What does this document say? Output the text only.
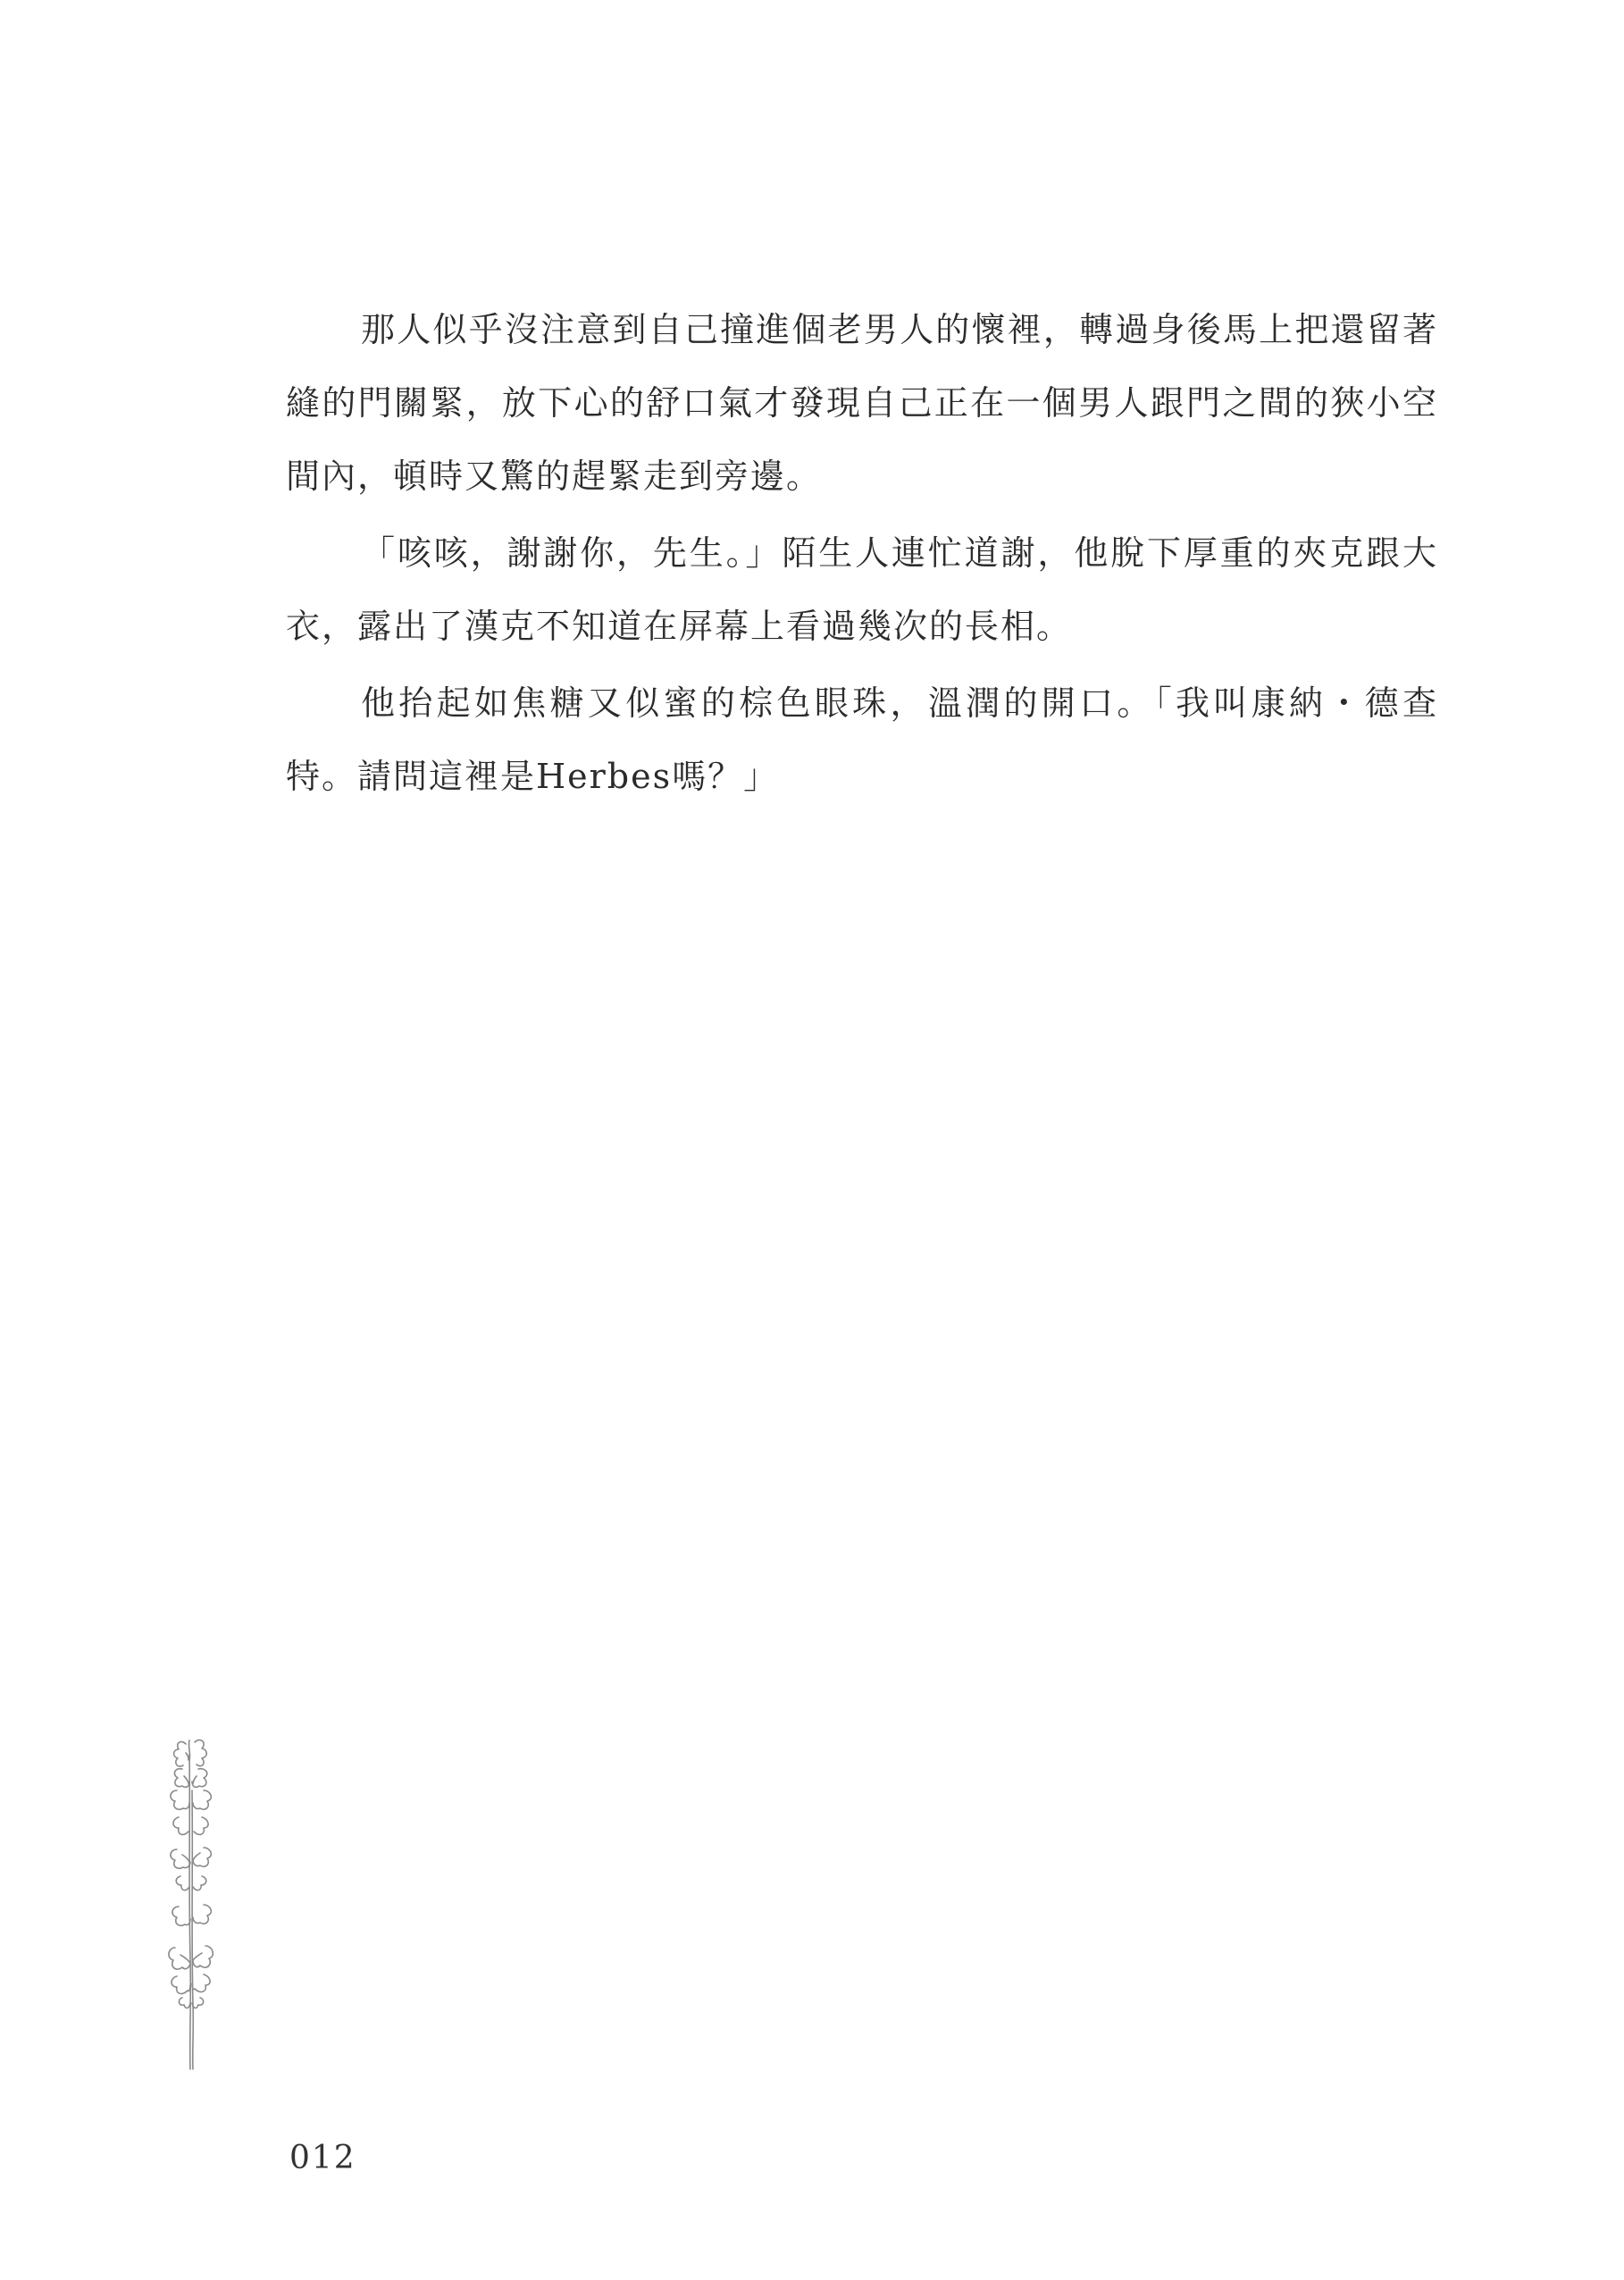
那人似乎沒注意到自己撞進個老男人的懷裡，轉過身後馬上把還留著縫的門關緊，放下心的舒口氣才發現自己正在一個男人跟門之間的狹小空間內，頓時又驚的趕緊走到旁邊。

「咳咳，謝謝你，先生。」陌生人連忙道謝，他脫下厚重的夾克跟大衣，露出了漢克不知道在屏幕上看過幾次的長相。

他抬起如焦糖又似蜜的棕色眼珠，溫潤的開口。「我叫康納・德查特。請問這裡是Herbes嗎？」

012
